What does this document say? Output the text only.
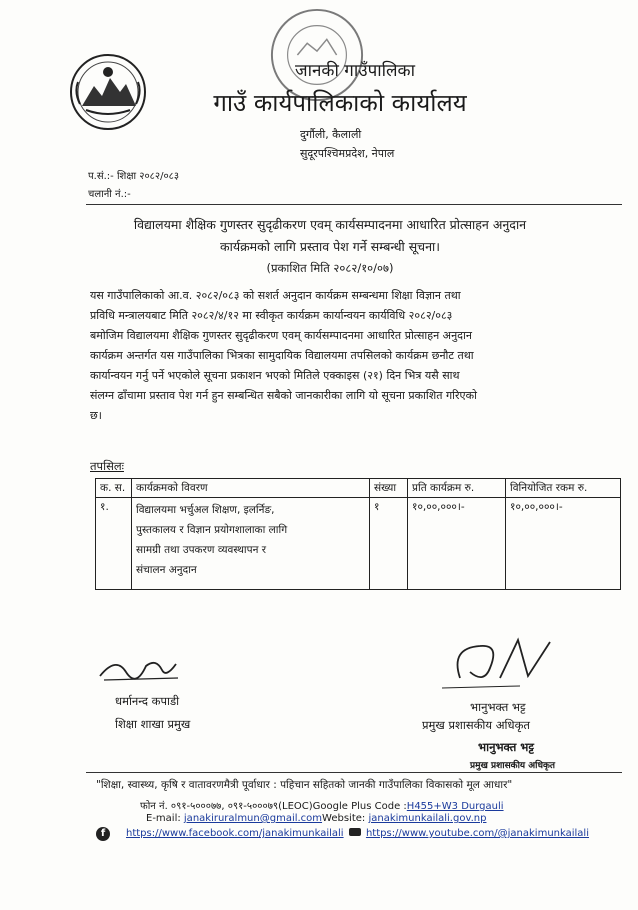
जानकी गाउँपालिका
गाउँ कार्यपालिकाको कार्यालय
दुर्गौली, कैलाली
सुदूरपश्चिमप्रदेश, नेपाल
प.सं.:- शिक्षा २०८२/०८३
चलानी नं.:-
विद्यालयमा शैक्षिक गुणस्तर सुदृढीकरण एवम् कार्यसम्पादनमा आधारित प्रोत्साहन अनुदान
कार्यक्रमको लागि प्रस्ताव पेश गर्ने सम्बन्धी सूचना।
(प्रकाशित मिति २०८२/१०/०७)
यस गाउँपालिकाको आ.व. २०८२/०८३ को सशर्त अनुदान कार्यक्रम सम्बन्धमा शिक्षा विज्ञान तथा
प्रविधि मन्त्रालयबाट मिति २०८२/४/१२ मा स्वीकृत कार्यक्रम कार्यान्वयन कार्यविधि २०८२/०८३
बमोजिम विद्यालयमा शैक्षिक गुणस्तर सुदृढीकरण एवम् कार्यसम्पादनमा आधारित प्रोत्साहन अनुदान
कार्यक्रम अन्तर्गत यस गाउँपालिका भित्रका सामुदायिक विद्यालयमा तपसिलको कार्यक्रम छनौट तथा
कार्यान्वयन गर्नु पर्ने भएकोले सूचना प्रकाशन भएको मितिले एक्काइस (२१) दिन भित्र यसै साथ
संलग्न ढाँचामा प्रस्ताव पेश गर्न हुन सम्बन्धित सबैको जानकारीका लागि यो सूचना प्रकाशित गरिएको
छ।
तपसिलः
क. स.	कार्यक्रमको विवरण	संख्या	प्रति कार्यक्रम रु.	विनियोजित रकम रु.
१.	विद्यालयमा भर्चुअल शिक्षण, इलर्निङ,
पुस्तकालय र विज्ञान प्रयोगशालाका लागि
सामग्री तथा उपकरण व्यवस्थापन र
संचालन अनुदान	१	१०,००,०००।-	१०,००,०००।-
धर्मानन्द कपाडी
शिक्षा शाखा प्रमुख
भानुभक्त भट्ट
प्रमुख प्रशासकीय अधिकृत
भानुभक्त भट्ट
प्रमुख प्रशासकीय अधिकृत
"शिक्षा, स्वास्थ्य, कृषि र वातावरणमैत्री पूर्वाधार : पहिचान सहितको जानकी गाउँपालिका विकासको मूल आधार"
फोन नं. ०९१-५०००७७, ०९१-५०००७९(LEOC)Google Plus Code :H455+W3 Durgauli
E-mail: janakiruralmun@gmail.comWebsite: janakimunkailali.gov.np
f	https://www.facebook.com/janakimunkailali https://www.youtube.com/@janakimunkailali
